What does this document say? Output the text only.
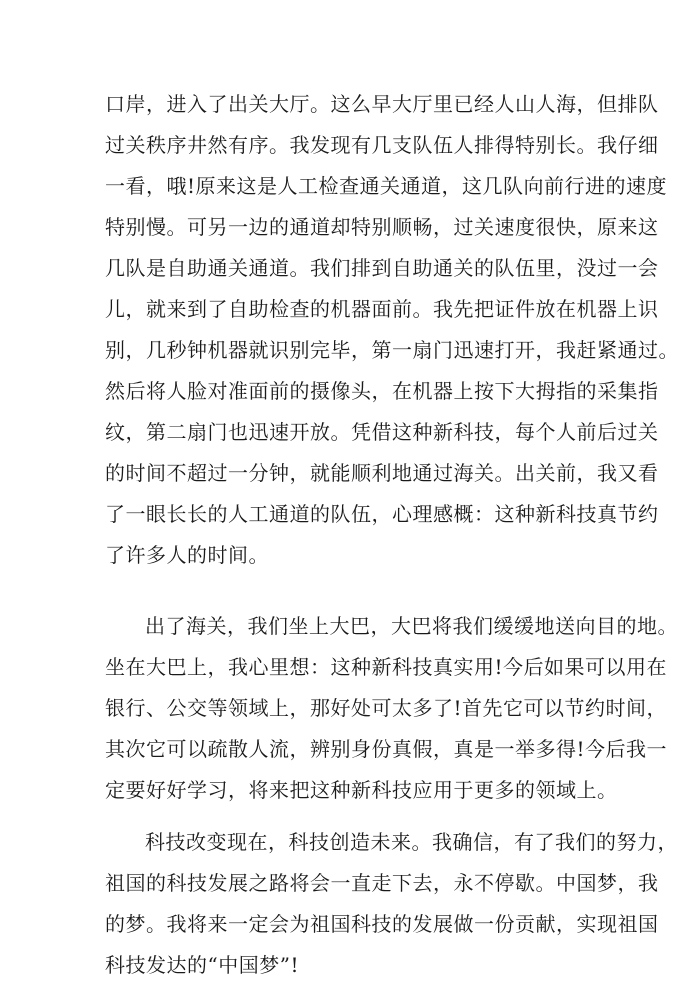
口岸，进入了出关大厅。这么早大厅里已经人山人海，但排队
过关秩序井然有序。我发现有几支队伍人排得特别长。我仔细
一看，哦!原来这是人工检查通关通道，这几队向前行进的速度
特别慢。可另一边的通道却特别顺畅，过关速度很快，原来这
几队是自助通关通道。我们排到自助通关的队伍里，没过一会
儿，就来到了自助检查的机器面前。我先把证件放在机器上识
别，几秒钟机器就识别完毕，第一扇门迅速打开，我赶紧通过。
然后将人脸对准面前的摄像头，在机器上按下大拇指的采集指
纹，第二扇门也迅速开放。凭借这种新科技，每个人前后过关
的时间不超过一分钟，就能顺利地通过海关。出关前，我又看
了一眼长长的人工通道的队伍，心理感概：这种新科技真节约
了许多人的时间。
出了海关，我们坐上大巴，大巴将我们缓缓地送向目的地。
坐在大巴上，我心里想：这种新科技真实用!今后如果可以用在
银行、公交等领域上，那好处可太多了!首先它可以节约时间，
其次它可以疏散人流，辨别身份真假，真是一举多得!今后我一
定要好好学习，将来把这种新科技应用于更多的领域上。
科技改变现在，科技创造未来。我确信，有了我们的努力，
祖国的科技发展之路将会一直走下去，永不停歇。中国梦，我
的梦。我将来一定会为祖国科技的发展做一份贡献，实现祖国
科技发达的“中国梦”!
